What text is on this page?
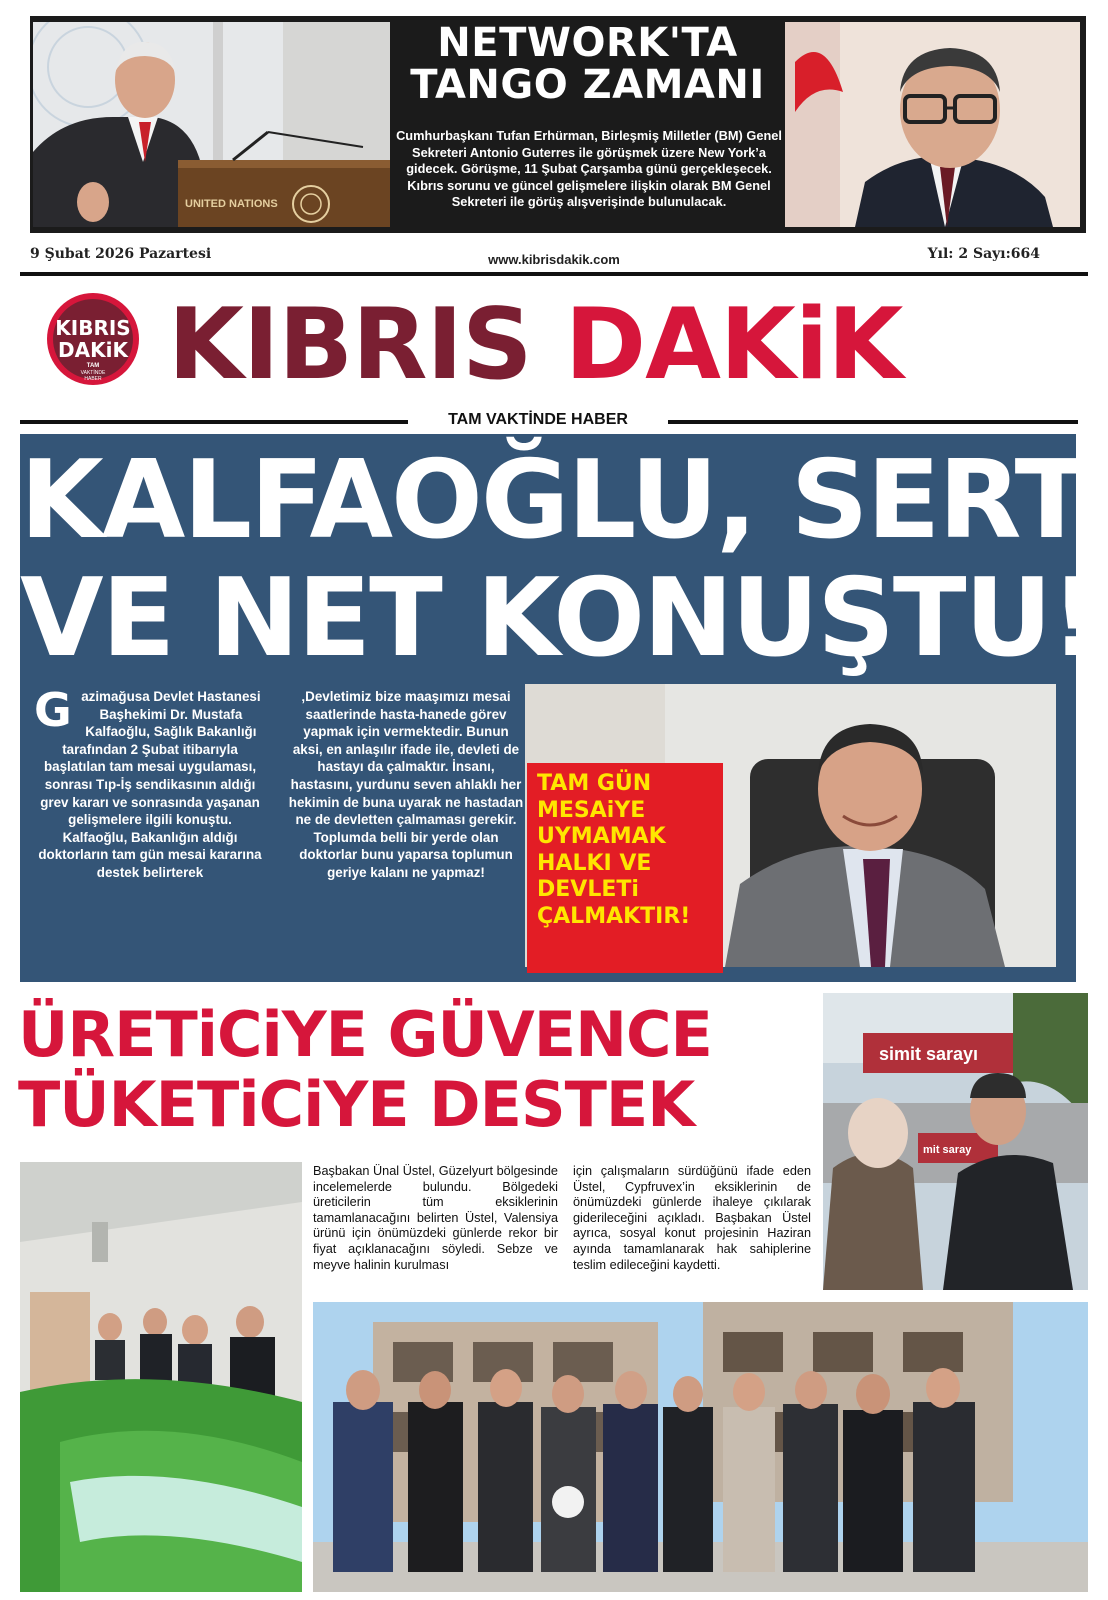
UNITED NATIONS
NETWORK'TA
TANGO ZAMANI
Cumhurbaşkanı Tufan Erhürman, Birleşmiş Milletler (BM) Genel Sekreteri Antonio Guterres ile görüşmek üzere New York’a gidecek. Görüşme, 11 Şubat Çarşamba günü gerçekleşecek. Kıbrıs sorunu ve güncel gelişmelere ilişkin olarak BM Genel Sekreteri ile görüş alışverişinde bulunulacak.
9 Şubat 2026 Pazartesi	www.kibrisdakik.com	Yıl: 2 Sayı:664
KIBRIS
DAKiK
TAM
VAKTİNDE
HABER KIBRIS DAKiK
TAM VAKTİNDE HABER
KALFAOĞLU, SERT
VE NET KONUŞTU!
Gazimağusa Devlet Hastanesi Başhekimi Dr. Mustafa Kalfaoğlu, Sağlık Bakanlığı tarafından 2 Şubat itibarıyla başlatılan tam mesai uygulaması, sonrası Tıp-İş sendikasının aldığı grev kararı ve sonrasında yaşanan gelişmelere ilgili konuştu. Kalfaoğlu, Bakanlığın aldığı doktorların tam gün mesai kararına destek belirterek
‚Devletimiz bize maaşımızı mesai saatlerinde hasta-hanede görev yapmak için vermektedir. Bunun aksi, en anlaşılır ifade ile, devleti de hastayı da çalmaktır. İnsanı, hastasını, yurdunu seven ahlaklı her hekimin de buna uyarak ne hastadan ne de devletten çalmaması gerekir. Toplumda belli bir yerde olan doktorlar bunu yaparsa toplumun geriye kalanı ne yapmaz!
TAM GÜN
MESAiYE
UYMAMAK
HALKI VE
DEVLETi
ÇALMAKTIR!
ÜRETiCiYE GÜVENCE
TÜKETiCiYE DESTEK
simit sarayı
mit saray
Başbakan Ünal Üstel, Güzelyurt bölgesinde incelemelerde bulundu. Bölgedeki üreticilerin tüm eksiklerinin tamamlanacağını belirten Üstel, Valensiya ürünü için önümüzdeki günlerde rekor bir fiyat açıklanacağını söyledi. Sebze ve meyve halinin kurulması
için çalışmaların sürdüğünü ifade eden Üstel, Cypfruvex’in eksiklerinin de önümüzdeki günlerde ihaleye çıkılarak giderileceğini açıkladı. Başbakan Üstel ayrıca, sosyal konut projesinin Haziran ayında tamamlanarak hak sahiplerine teslim edileceğini kaydetti.
